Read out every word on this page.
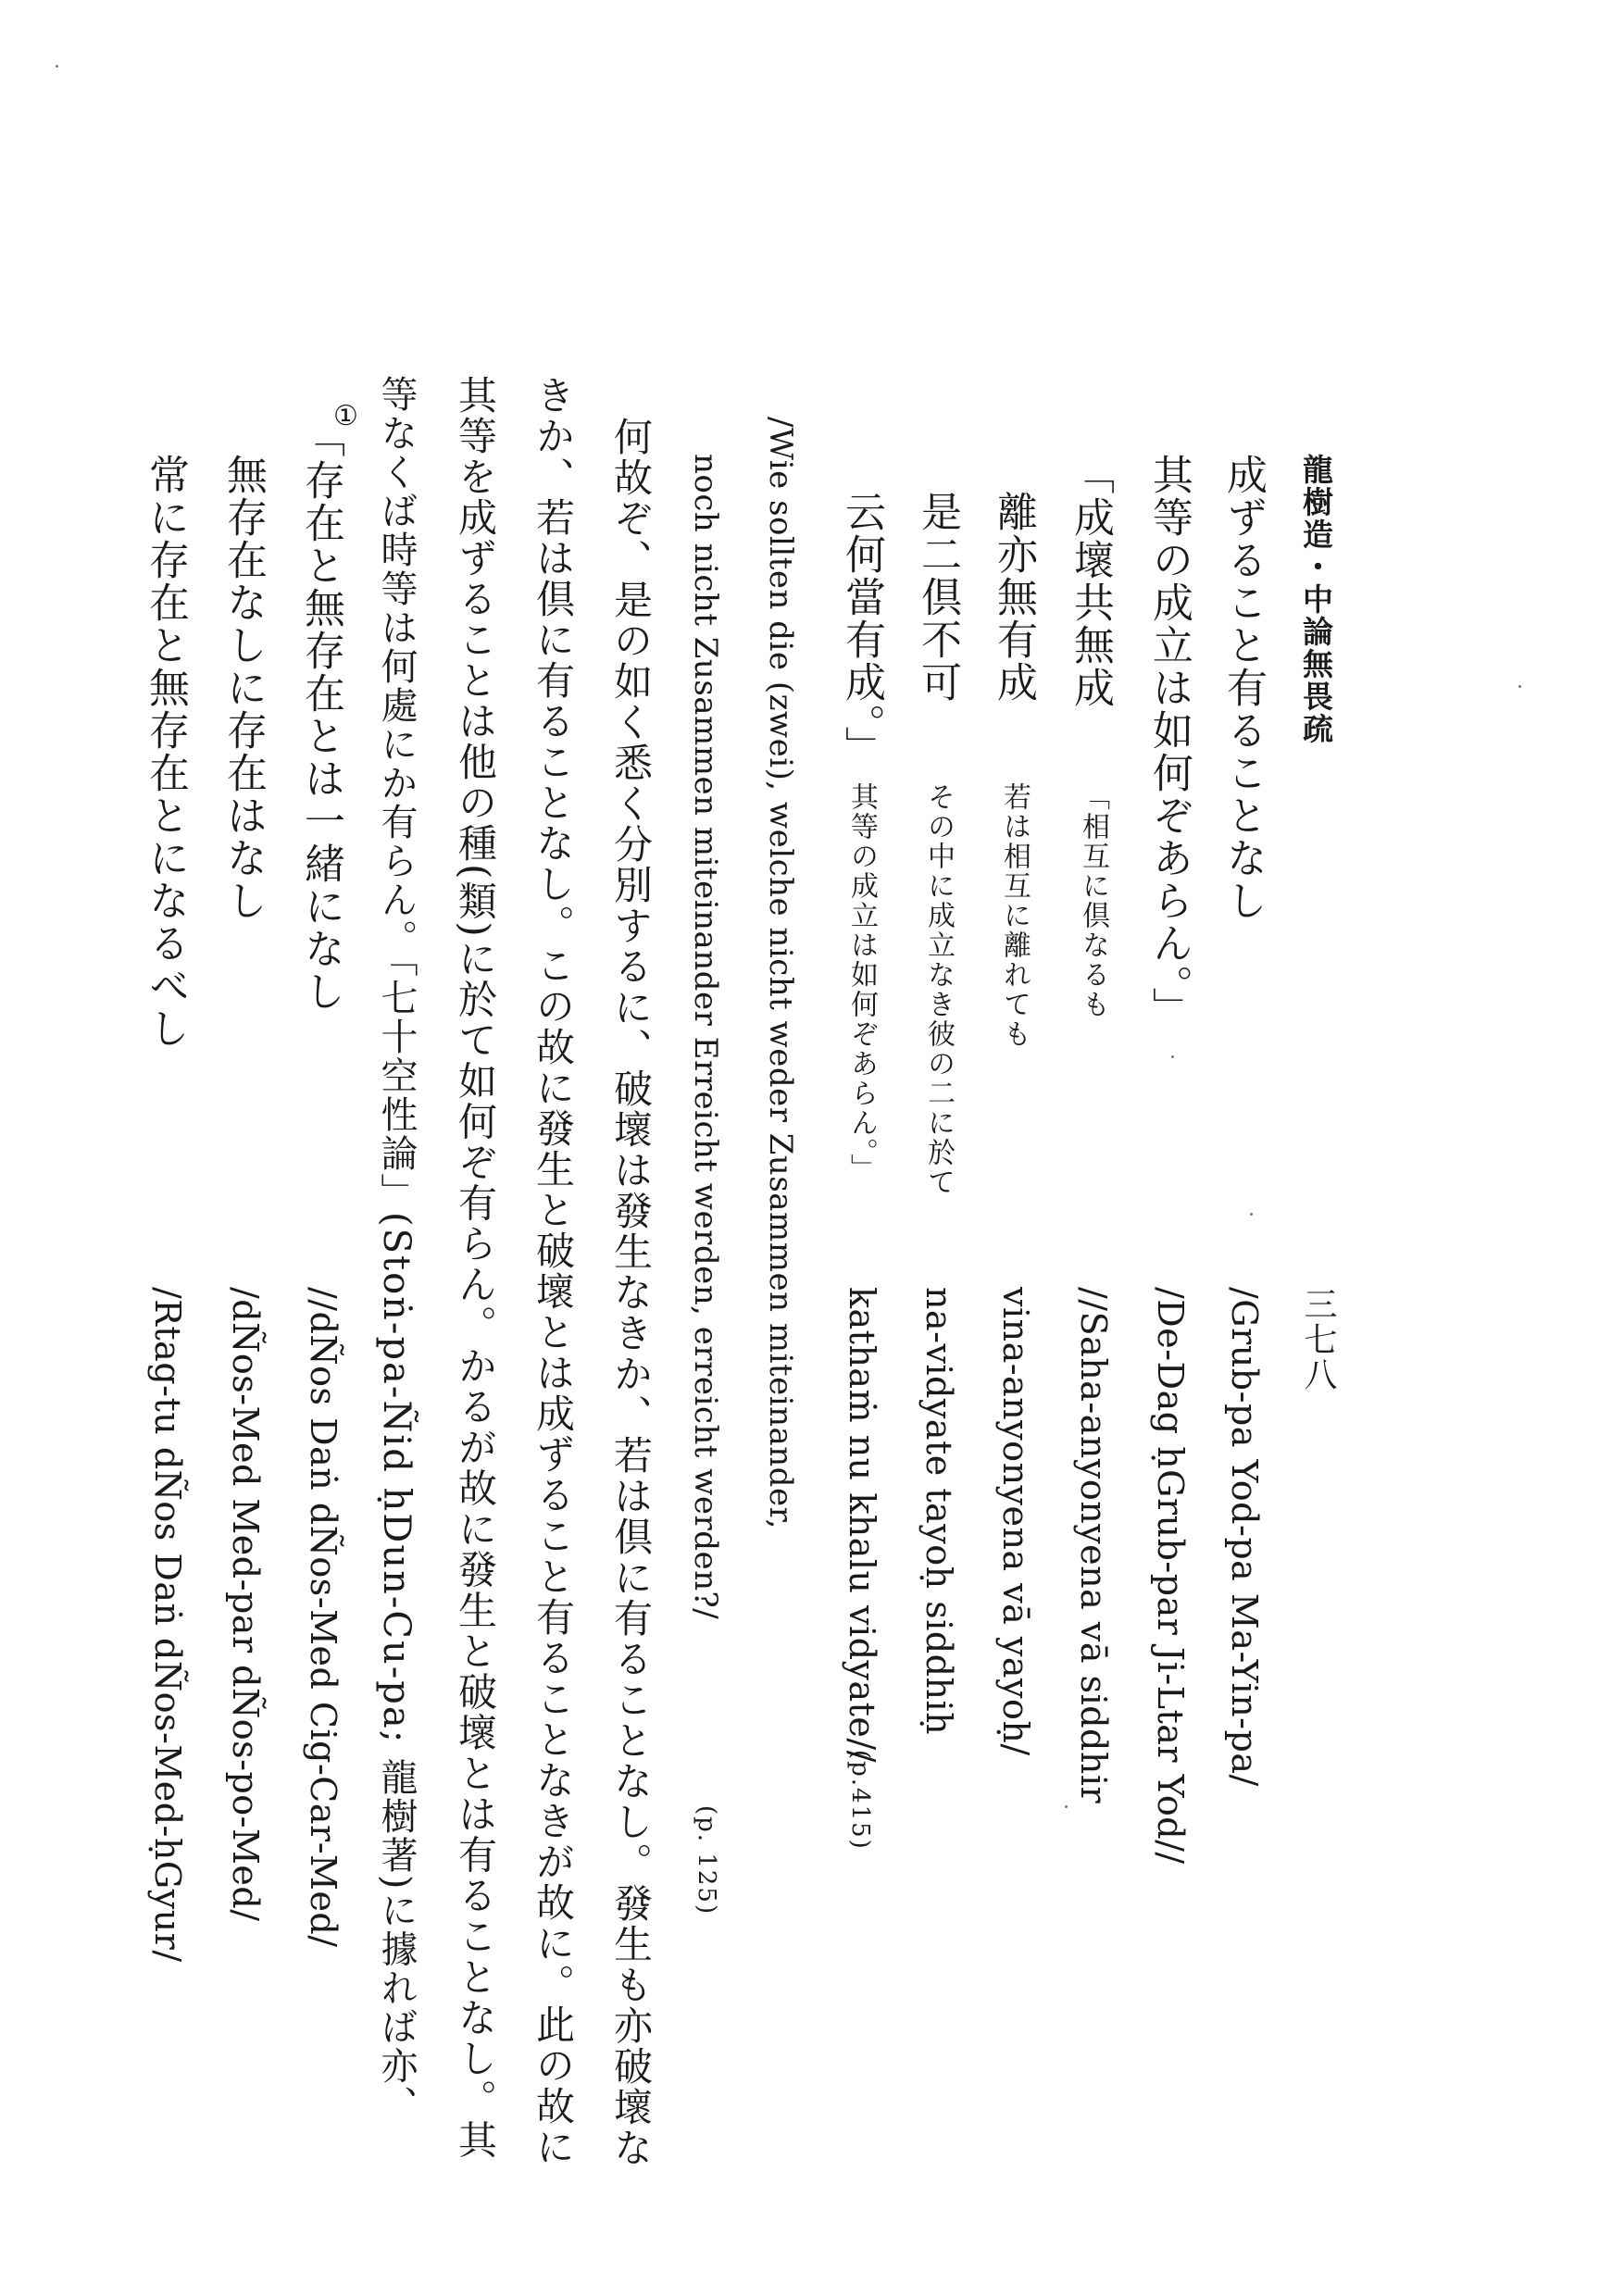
龍樹造・中論無畏疏
三七八
成ずること有ることなし
/Grub-pa Yod-pa Ma-Yin-pa/
其等の成立は如何ぞあらん。」
/De-Dag ḥGrub-par Ji-Ltar Yod//
「成壞共無成
「相互に倶なるも
//Saha-anyonyena vā siddhir
離亦無有成
若は相互に離れても
vina-anyonyena vā yayoḥ/
是二倶不可
その中に成立なき彼の二に於て
na-vidyate tayoḥ siddhiḥ
云何當有成。」
其等の成立は如何ぞあらん。」
kathaṁ nu khalu vidyate//
(p.415)
/Wie sollten die (zwei), welche nicht weder Zusammen miteinander,
noch nicht Zusammen miteinander Erreicht werden, erreicht werden?/
(p. 125)
何故ぞ、是の如く悉く分別するに、破壞は發生なきか、若は倶に有ることなし。發生も亦破壞な
きか、若は倶に有ることなし。この故に發生と破壞とは成ずること有ることなきが故に。此の故に
其等を成ずることは他の種(類)に於て如何ぞ有らん。かるが故に發生と破壞とは有ることなし。其
等なくば時等は何處にか有らん。「七十空性論」(Stoṅ-pa-Ñid ḥDun-Cu-pa; 龍樹著)に據れば亦、
①
「存在と無存在とは一緒になし
//dÑos Daṅ dÑos-Med Cig-Car-Med/
無存在なしに存在はなし
/dÑos-Med Med-par dÑos-po-Med/
常に存在と無存在とになるべし
/Rtag-tu dÑos Daṅ dÑos-Med-ḥGyur/
